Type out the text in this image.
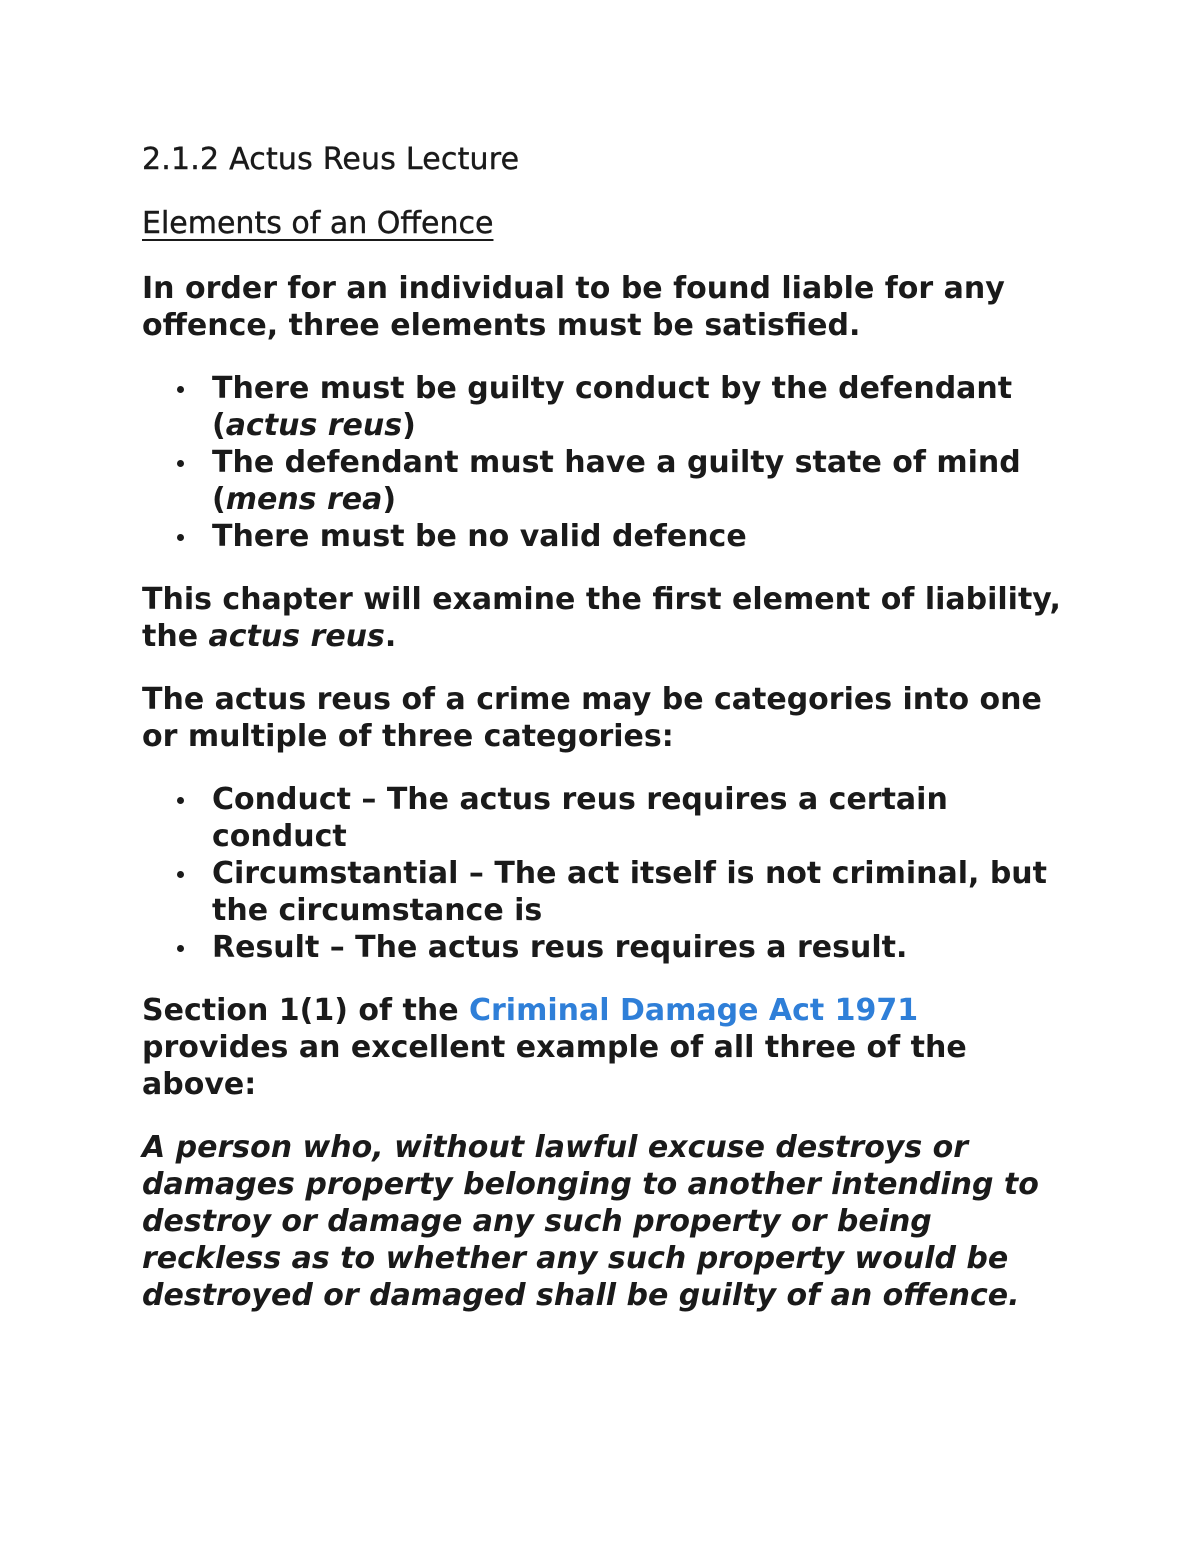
2.1.2 Actus Reus Lecture
Elements of an Offence

In order for an individual to be found liable for any offence, three elements must be satisfied.

There must be guilty conduct by the defendant (actus reus)
The defendant must have a guilty state of mind (mens rea)
There must be no valid defence

This chapter will examine the first element of liability, the actus reus.

The actus reus of a crime may be categories into one or multiple of three categories:

Conduct – The actus reus requires a certain conduct
Circumstantial – The act itself is not criminal, but the circumstance is
Result – The actus reus requires a result.

Section 1(1) of the Criminal Damage Act 1971 provides an excellent example of all three of the above:

A person who, without lawful excuse destroys or damages property belonging to another intending to destroy or damage any such property or being reckless as to whether any such property would be destroyed or damaged shall be guilty of an offence.
